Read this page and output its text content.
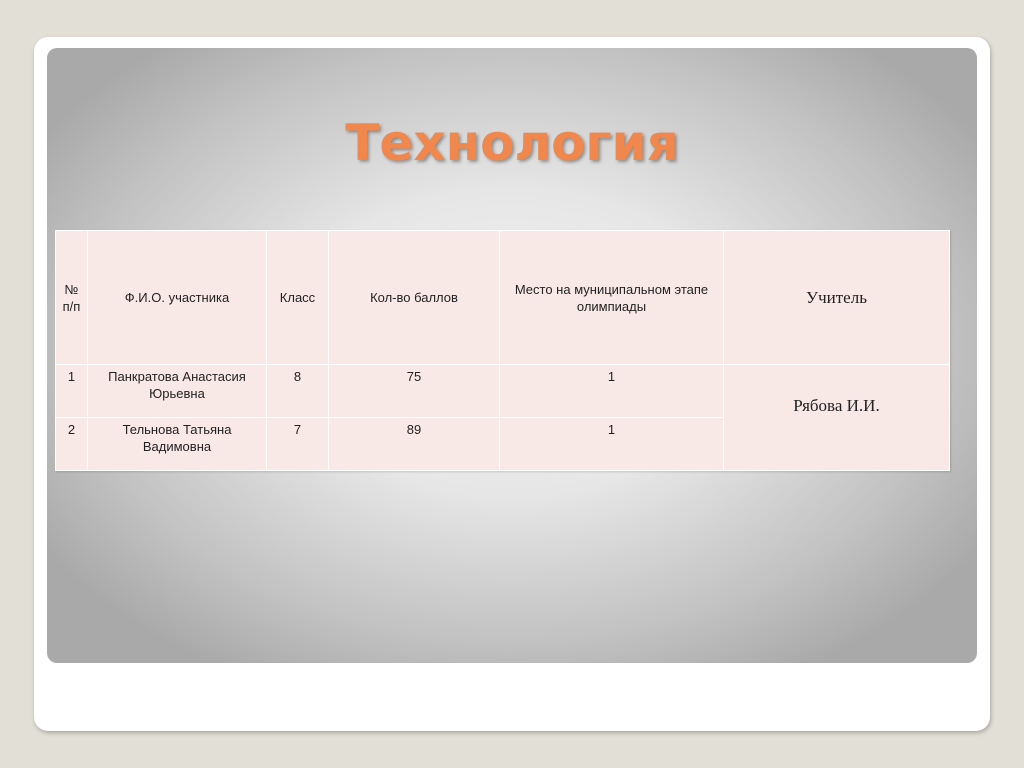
Технология
№ п/п	Ф.И.О. участника	Класс	Кол-во баллов	Место на муниципальном этапе олимпиады	Учитель
1	Панкратова Анастасия Юрьевна	8	75	1	Рябова И.И.
2	Тельнова Татьяна Вадимовна	7	89	1	
